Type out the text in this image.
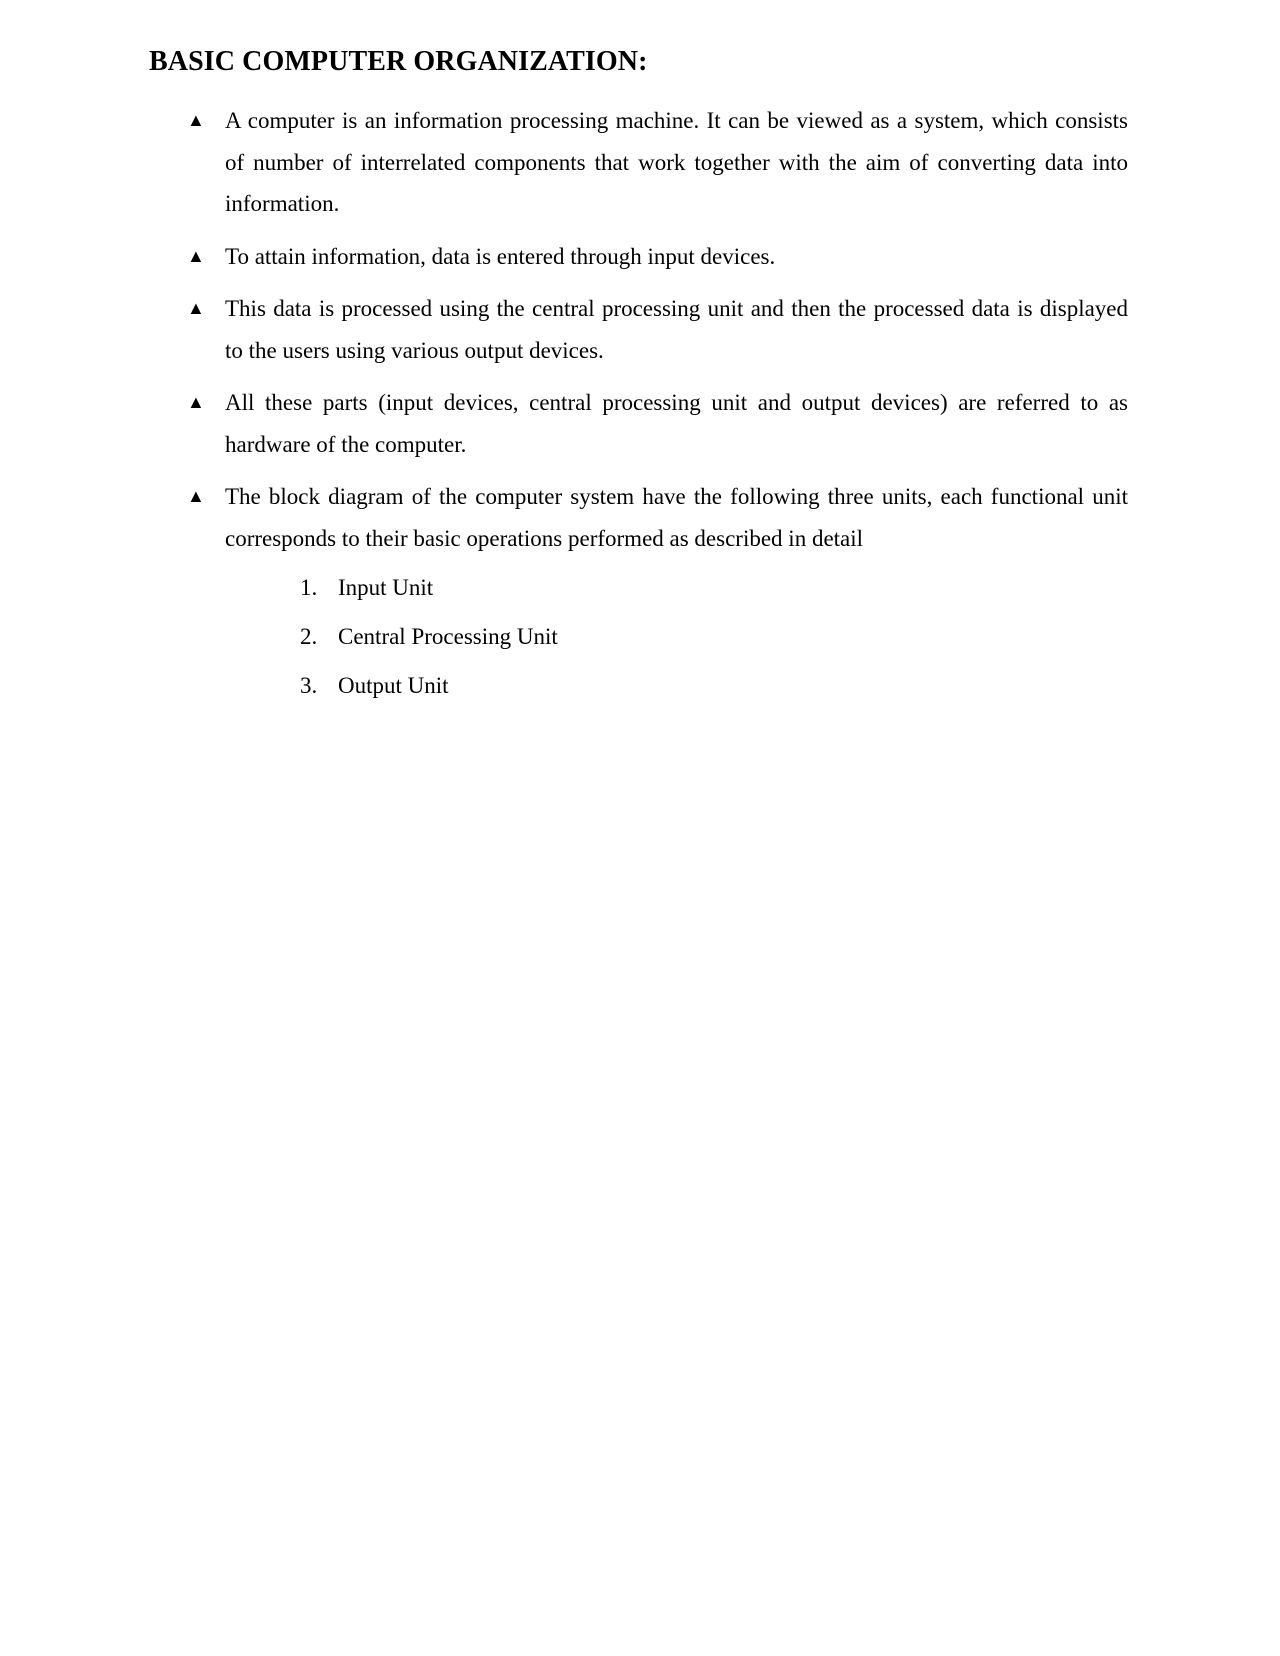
BASIC COMPUTER ORGANIZATION:
▲ A computer is an information processing machine. It can be viewed as a system, which consists of number of interrelated components that work together with the aim of converting data into information.
▲ To attain information, data is entered through input devices.
▲ This data is processed using the central processing unit and then the processed data is displayed to the users using various output devices.
▲ All these parts (input devices, central processing unit and output devices) are referred to as hardware of the computer.
▲ The block diagram of the computer system have the following three units, each functional unit corresponds to their basic operations performed as described in detail
1. Input Unit
2. Central Processing Unit
3. Output Unit
